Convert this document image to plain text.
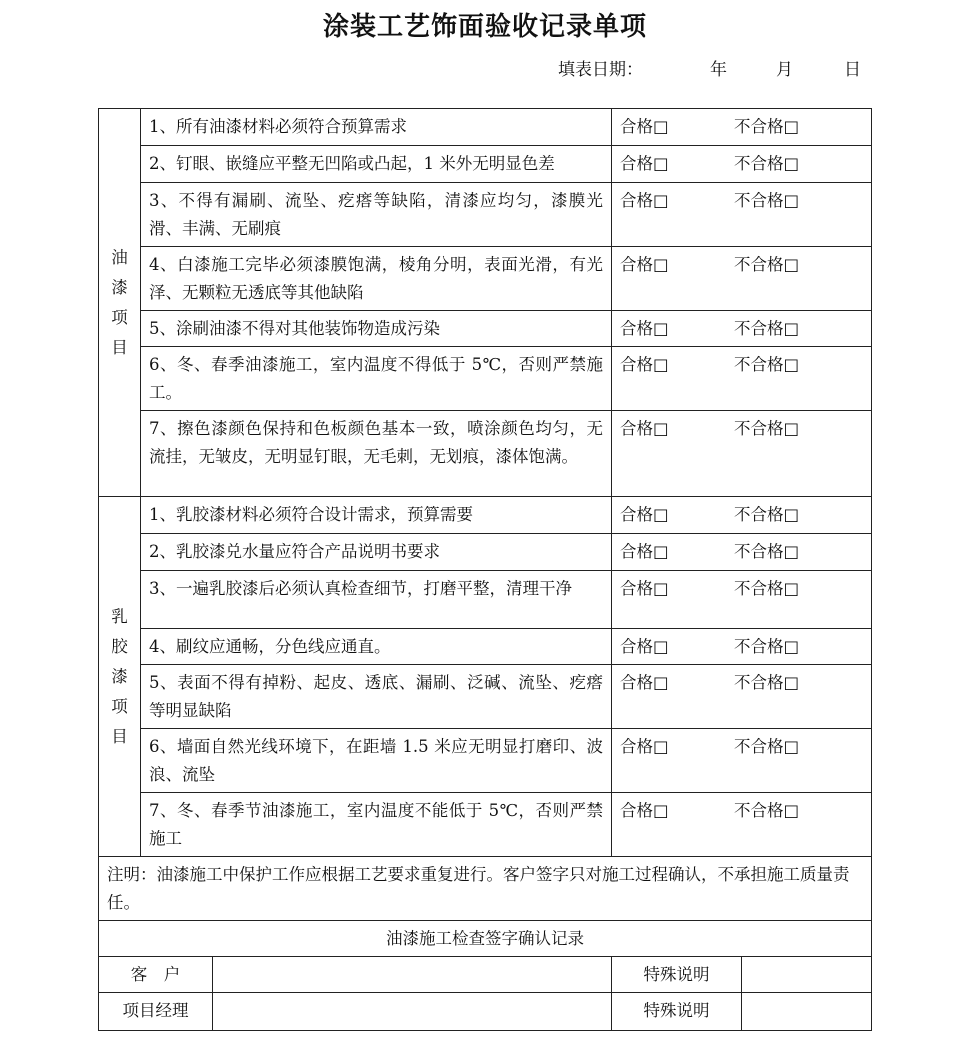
涂装工艺饰面验收记录单项
填表日期：	年	月	日
油
漆
项
目	1、所有油漆材料必须符合预算需求		合格□ 不合格□	
	2、钉眼、嵌缝应平整无凹陷或凸起，1 米外无明显色差		合格□ 不合格□	
	3、不得有漏刷、流坠、疙瘩等缺陷，清漆应均匀，漆膜光滑、丰满、无刷痕		合格□ 不合格□	
	4、白漆施工完毕必须漆膜饱满，棱角分明，表面光滑，有光泽、无颗粒无透底等其他缺陷		合格□ 不合格□	
	5、涂刷油漆不得对其他装饰物造成污染		合格□ 不合格□	
	6、冬、春季油漆施工，室内温度不得低于 5℃，否则严禁施工。		合格□ 不合格□	
	7、擦色漆颜色保持和色板颜色基本一致，喷涂颜色均匀，无流挂，无皱皮，无明显钉眼，无毛刺，无划痕，漆体饱满。		合格□ 不合格□	

乳
胶
漆
项
目	1、乳胶漆材料必须符合设计需求，预算需要		合格□ 不合格□	
	2、乳胶漆兑水量应符合产品说明书要求		合格□ 不合格□	
	3、一遍乳胶漆后必须认真检查细节，打磨平整，清理干净		合格□ 不合格□	
	4、刷纹应通畅，分色线应通直。		合格□ 不合格□	
	5、表面不得有掉粉、起皮、透底、漏刷、泛碱、流坠、疙瘩等明显缺陷		合格□ 不合格□	
	6、墙面自然光线环境下，在距墙 1.5 米应无明显打磨印、波浪、流坠		合格□ 不合格□	
	7、冬、春季节油漆施工，室内温度不能低于 5℃，否则严禁施工		合格□ 不合格□	
注明：油漆施工中保护工作应根据工艺要求重复进行。客户签字只对施工过程确认，不承担施工质量责任。				
油漆施工检查签字确认记录				
客　户			特殊说明	
项目经理			特殊说明	
